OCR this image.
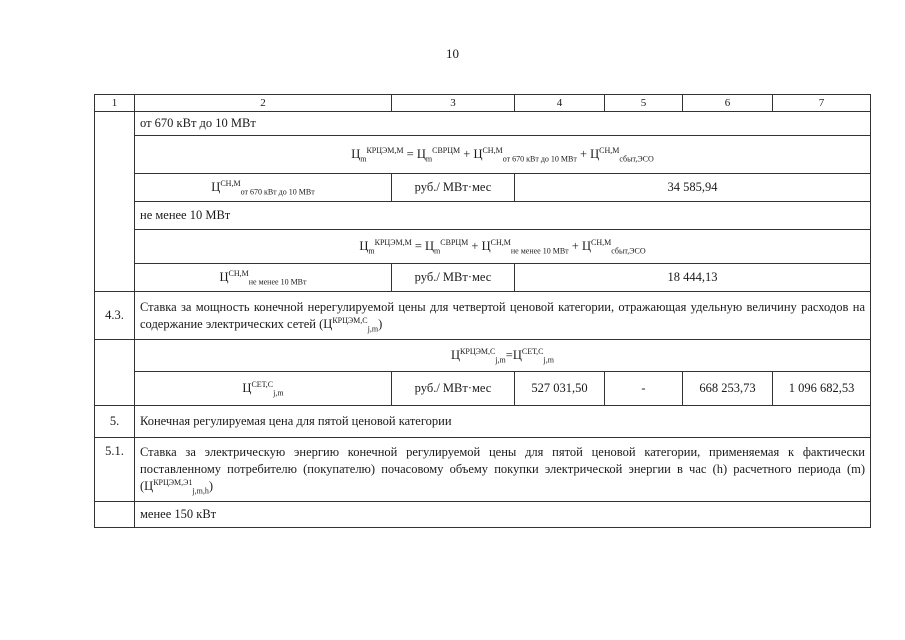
10
1	2	3	4	5	6	7
	от 670 кВт до 10 МВт					
	$Ц_m^{КРЦЭМ,М} = Ц_m^{СВРЦМ} + Ц^{СН,М}_{от 670 кВт до 10 МВт} + Ц^{СН,М}_{сбыт,ЭСО}$
	$Ц^{СН,М}_{от 670 кВт до 10 МВт}$	руб./ МВт·мес	34 585,94			
	не менее 10 МВт					
	$Ц_m^{КРЦЭМ,М} = Ц_m^{СВРЦМ} + Ц^{СН,М}_{не менее 10 МВт} + Ц^{СН,М}_{сбыт,ЭСО}$
	$Ц^{СН,М}_{не менее 10 МВт}$	руб./ МВт·мес	18 444,13			
4.3.	Ставка за мощность конечной нерегулируемой цены для четвертой ценовой категории, отражающая удельную величину расходов на содержание электрических сетей $(Ц^{КРЦЭМ,С}_{j,m})$					
	$Ц^{КРЦЭМ,С}_{j,m}=Ц^{СЕТ,С}_{j,m}$
	$Ц^{СЕТ,С}_{j,m}$	руб./ МВт·мес	527 031,50	-	668 253,73	1 096 682,53
5.	Конечная регулируемая цена для пятой ценовой категории					
5.1.	Ставка за электрическую энергию конечной регулируемой цены для пятой ценовой категории, применяемая к фактически поставленному потребителю (покупателю) почасовому объему покупки электрической энергии в час (h) расчетного периода (m) $(Ц^{КРЦЭМ,Э1}_{j,m,h})$					
	менее 150 кВт					
